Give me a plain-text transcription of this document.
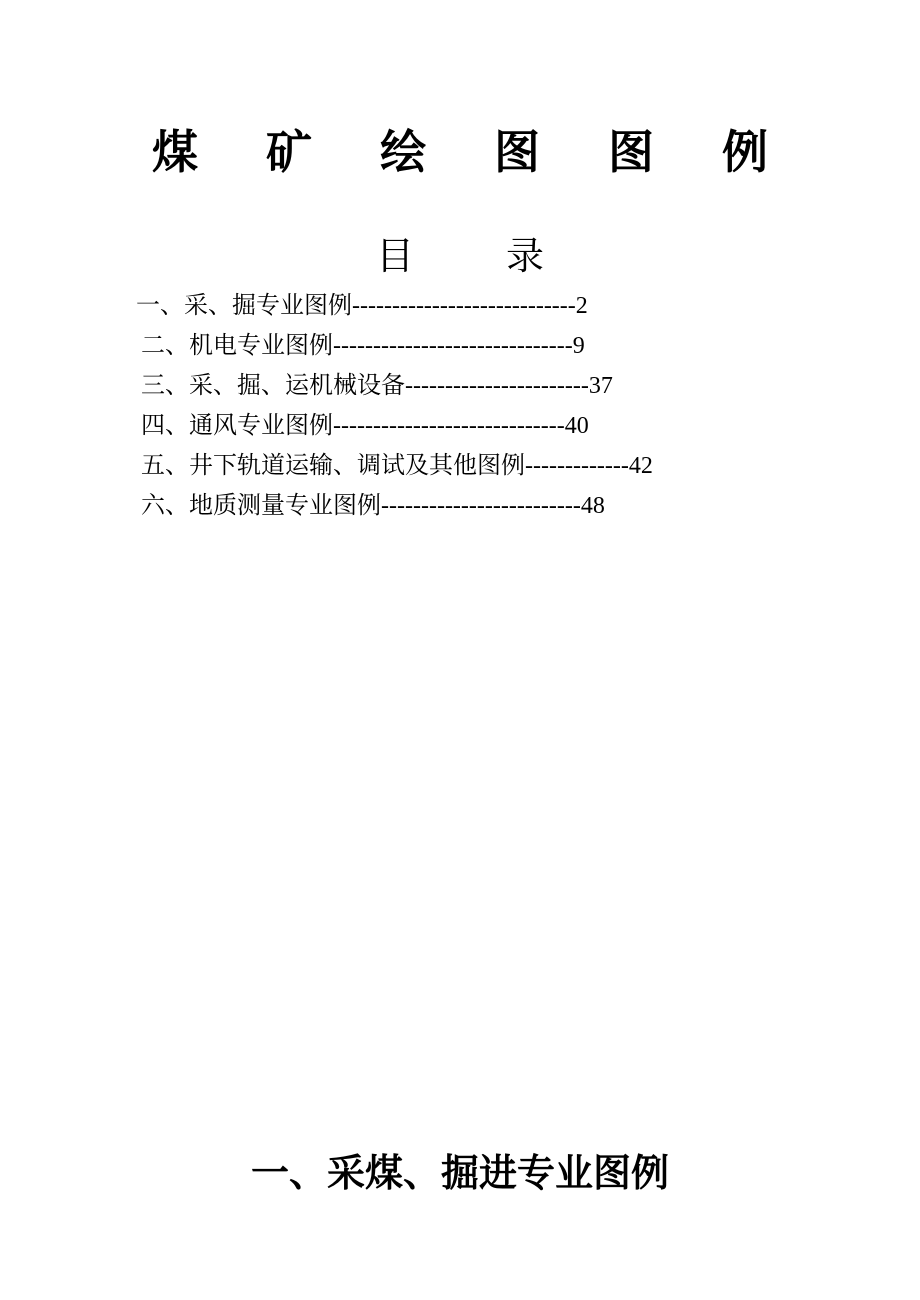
煤 矿 绘 图 图 例
目 录
一、采、掘专业图例----------------------------2
二、机电专业图例------------------------------9
三、采、掘、运机械设备-----------------------37
四、通风专业图例-----------------------------40
五、井下轨道运输、调试及其他图例-------------42
六、地质测量专业图例-------------------------48
一、采煤、掘进专业图例
